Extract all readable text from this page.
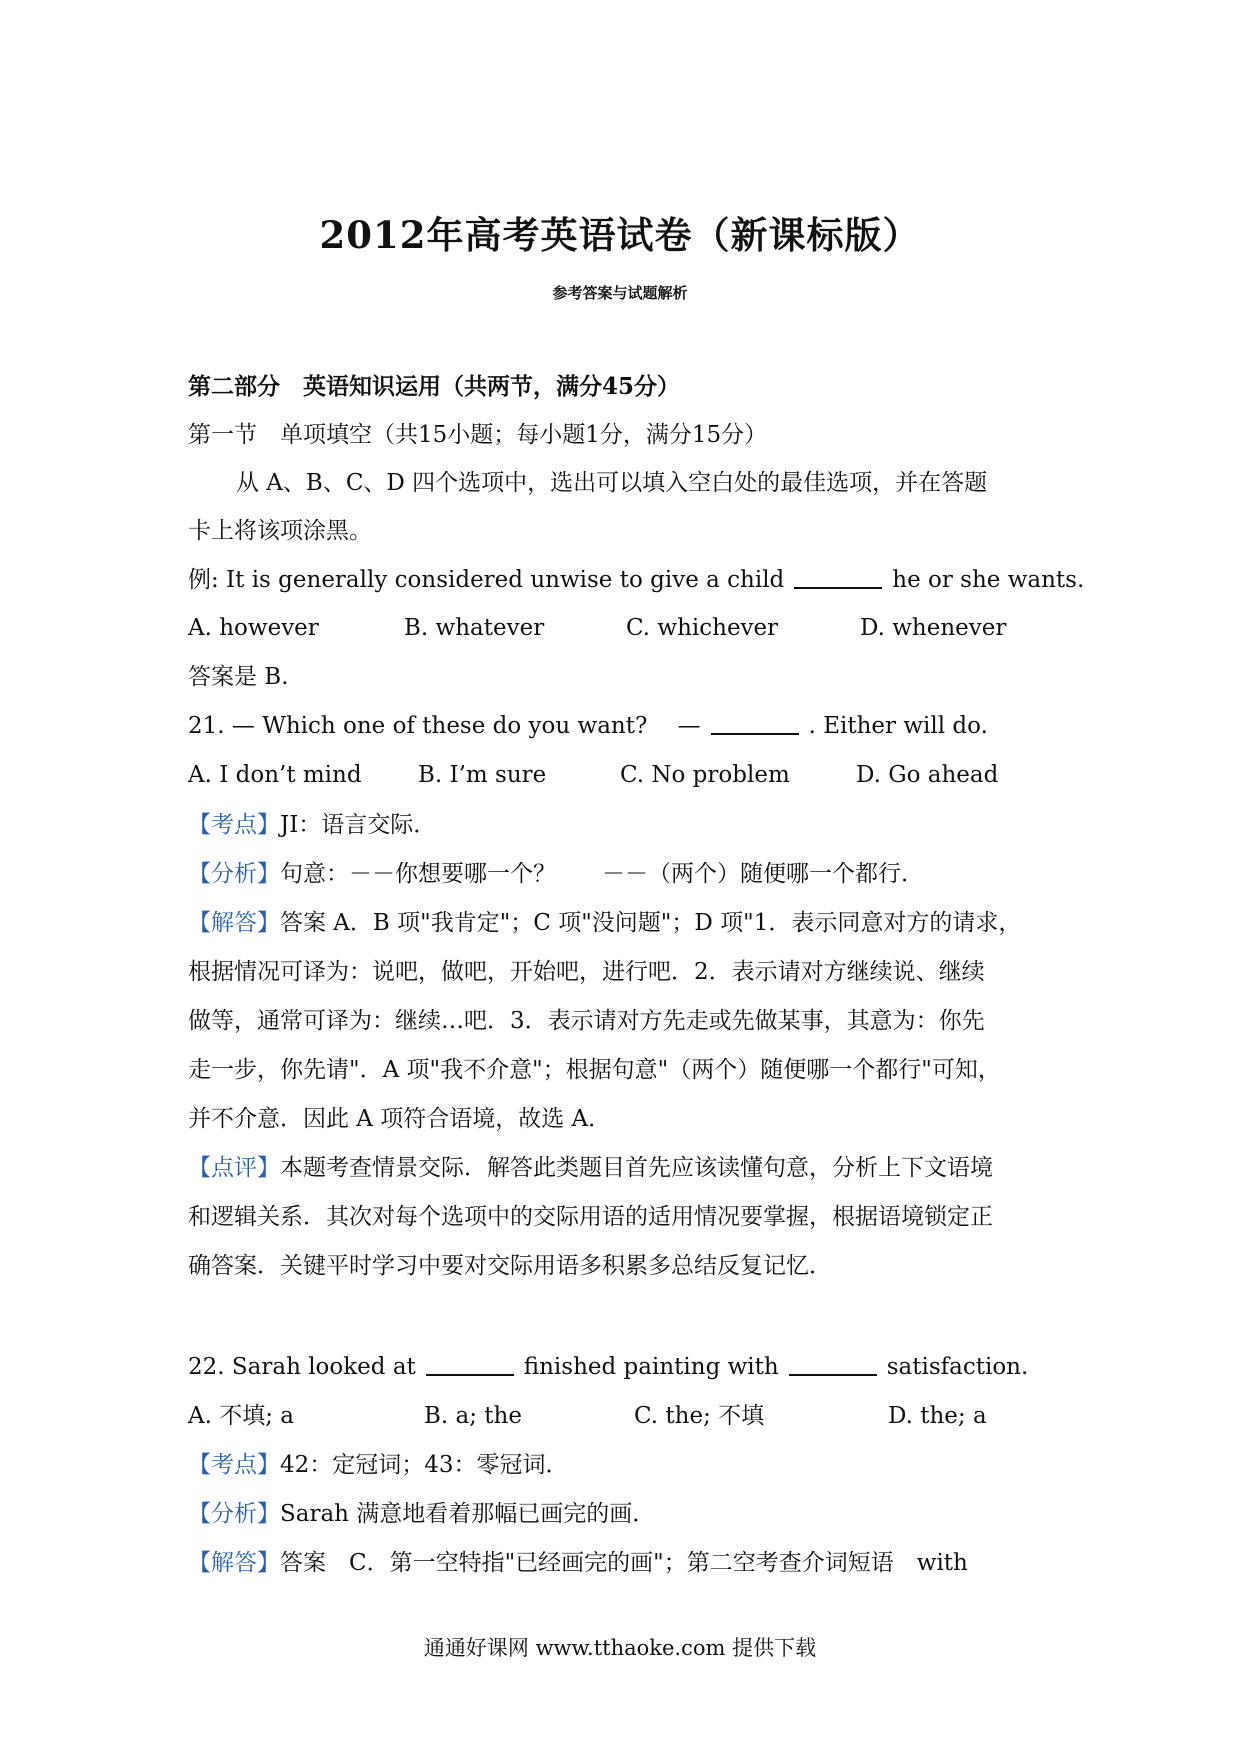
2012年高考英语试卷（新课标版）
参考答案与试题解析
第二部分　英语知识运用（共两节，满分45分）
第一节　单项填空（共15小题；每小题1分，满分15分）
从 A、B、C、D 四个选项中，选出可以填入空白处的最佳选项，并在答题
卡上将该项涂黑。
例: It is generally considered unwise to give a child	he or she wants.
A. however	B. whatever	C. whichever	D. whenever
答案是 B.
21. — Which one of these do you want?　 —	. Either will do.
A. I don’t mind B. I’m sure	C. No problem	D. Go ahead
【考点】JI：语言交际．
【分析】句意：－－你想要哪一个？　　－－（两个）随便哪一个都行．
【解答】答案 A．B 项"我肯定"；C 项"没问题"；D 项"1．表示同意对方的请求，
根据情况可译为：说吧，做吧，开始吧，进行吧．2．表示请对方继续说、继续
做等，通常可译为：继续…吧．3．表示请对方先走或先做某事，其意为：你先
走一步，你先请"．A 项"我不介意"；根据句意"（两个）随便哪一个都行"可知，
并不介意．因此 A 项符合语境，故选 A．
【点评】本题考查情景交际．解答此类题目首先应该读懂句意，分析上下文语境
和逻辑关系．其次对每个选项中的交际用语的适用情况要掌握，根据语境锁定正
确答案．关键平时学习中要对交际用语多积累多总结反复记忆．
22. Sarah looked at	finished painting with	satisfaction.
A. 不填; a	B. a; the	C. the; 不填	D. the; a
【考点】42：定冠词；43：零冠词．
【分析】Sarah 满意地看着那幅已画完的画．
【解答】答案　C．第一空特指"已经画完的画"；第二空考查介词短语　with
通通好课网 www.tthaoke.com 提供下载
